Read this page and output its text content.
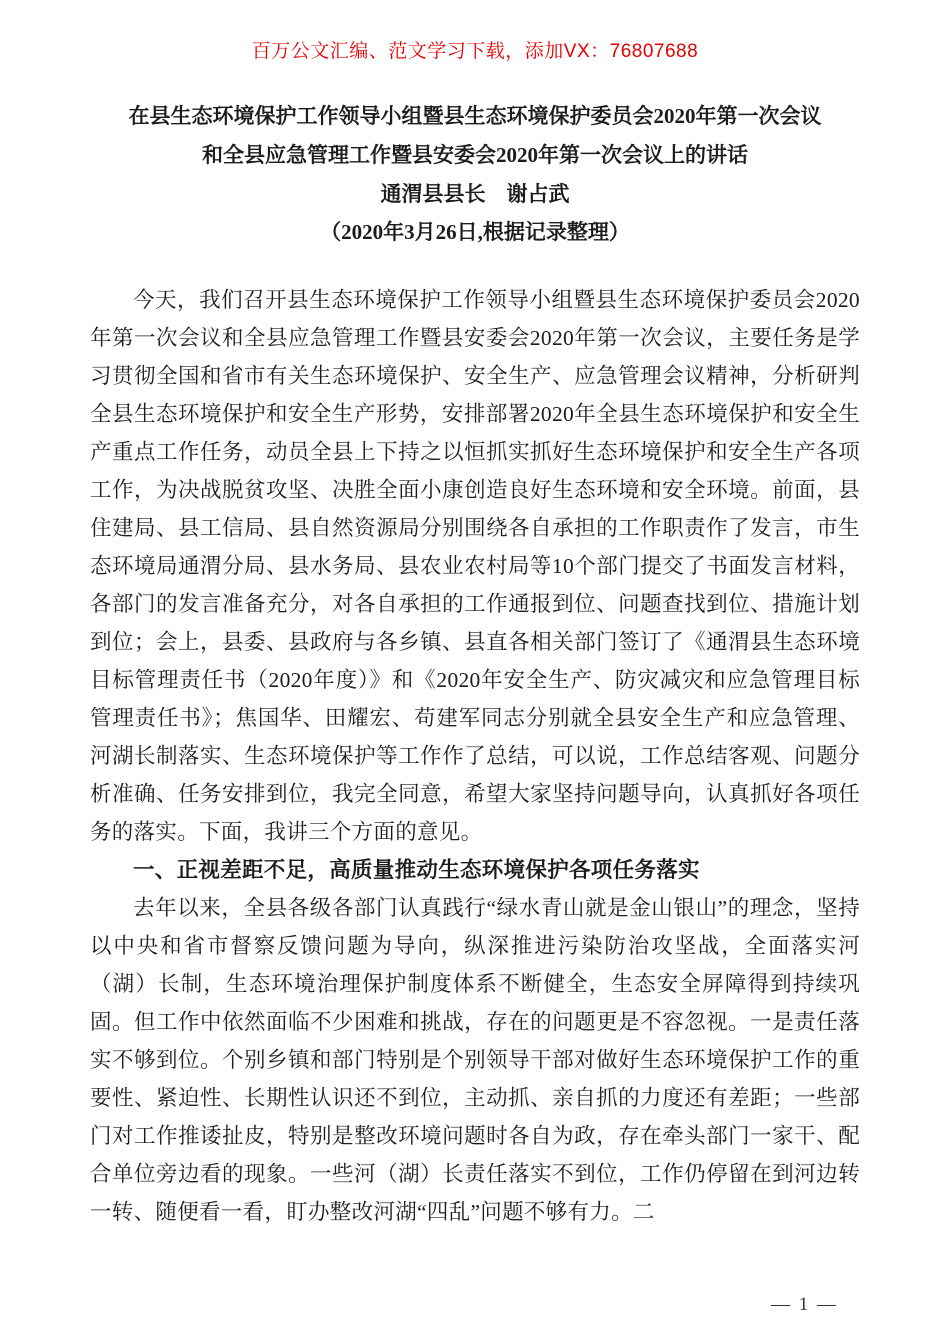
百万公文汇编、范文学习下载，添加VX：76807688
在县生态环境保护工作领导小组暨县生态环境保护委员会2020年第一次会议
和全县应急管理工作暨县安委会2020年第一次会议上的讲话
通渭县县长　谢占武
（2020年3月26日,根据记录整理）

今天，我们召开县生态环境保护工作领导小组暨县生态环境保护委员会2020年第一次会议和全县应急管理工作暨县安委会2020年第一次会议，主要任务是学习贯彻全国和省市有关生态环境保护、安全生产、应急管理会议精神，分析研判全县生态环境保护和安全生产形势，安排部署2020年全县生态环境保护和安全生产重点工作任务，动员全县上下持之以恒抓实抓好生态环境保护和安全生产各项工作，为决战脱贫攻坚、决胜全面小康创造良好生态环境和安全环境。前面，县住建局、县工信局、县自然资源局分别围绕各自承担的工作职责作了发言，市生态环境局通渭分局、县水务局、县农业农村局等10个部门提交了书面发言材料，各部门的发言准备充分，对各自承担的工作通报到位、问题查找到位、措施计划到位；会上，县委、县政府与各乡镇、县直各相关部门签订了《通渭县生态环境目标管理责任书（2020年度）》和《2020年安全生产、防灾减灾和应急管理目标管理责任书》；焦国华、田耀宏、苟建军同志分别就全县安全生产和应急管理、河湖长制落实、生态环境保护等工作作了总结，可以说，工作总结客观、问题分析准确、任务安排到位，我完全同意，希望大家坚持问题导向，认真抓好各项任务的落实。下面，我讲三个方面的意见。

一、正视差距不足，高质量推动生态环境保护各项任务落实

去年以来，全县各级各部门认真践行“绿水青山就是金山银山”的理念，坚持以中央和省市督察反馈问题为导向，纵深推进污染防治攻坚战，全面落实河（湖）长制，生态环境治理保护制度体系不断健全，生态安全屏障得到持续巩固。但工作中依然面临不少困难和挑战，存在的问题更是不容忽视。一是责任落实不够到位。个别乡镇和部门特别是个别领导干部对做好生态环境保护工作的重要性、紧迫性、长期性认识还不到位，主动抓、亲自抓的力度还有差距；一些部门对工作推诿扯皮，特别是整改环境问题时各自为政，存在牵头部门一家干、配合单位旁边看的现象。一些河（湖）长责任落实不到位，工作仍停留在到河边转一转、随便看一看，盯办整改河湖“四乱”问题不够有力。二

— 1 —
